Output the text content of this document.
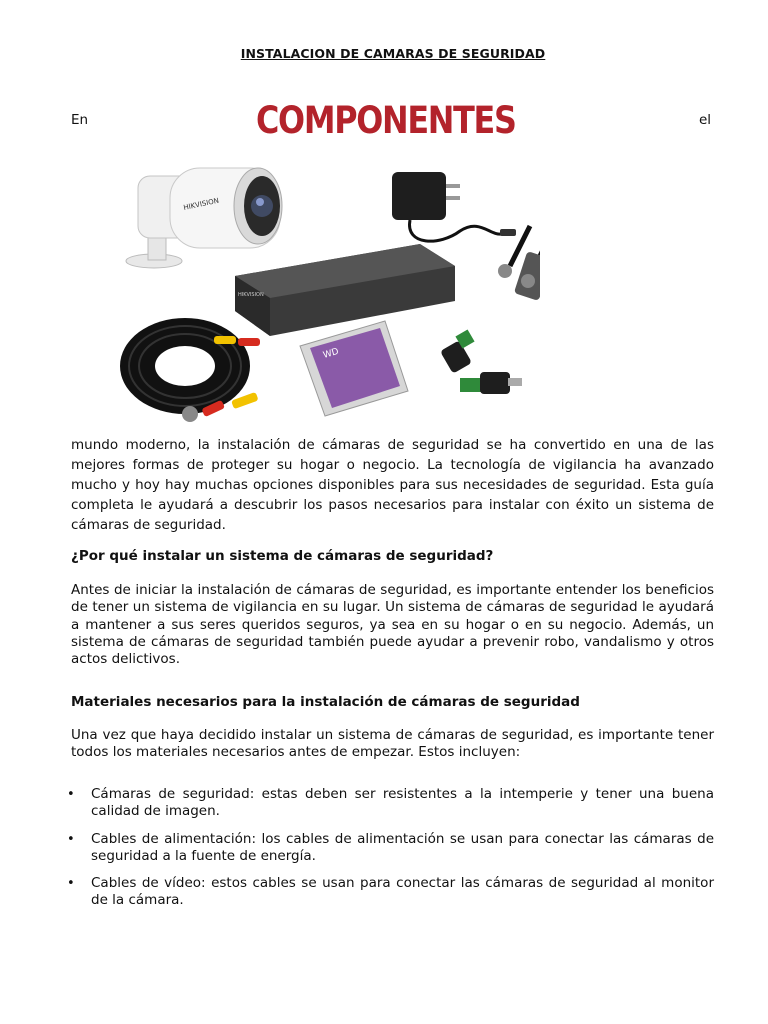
INSTALACION DE CAMARAS DE SEGURIDAD
En	el
HIKVISION
HIKVISION
WD
COMPONENTES
mundo moderno, la instalación de cámaras de seguridad se ha convertido en una de las mejores formas de proteger su hogar o negocio. La tecnología de vigilancia ha avanzado mucho y hoy hay muchas opciones disponibles para sus necesidades de seguridad. Esta guía completa le ayudará a descubrir los pasos necesarios para instalar con éxito un sistema de cámaras de seguridad.
¿Por qué instalar un sistema de cámaras de seguridad?
Antes de iniciar la instalación de cámaras de seguridad, es importante entender los beneficios de tener un sistema de vigilancia en su lugar. Un sistema de cámaras de seguridad le ayudará a mantener a sus seres queridos seguros, ya sea en su hogar o en su negocio. Además, un sistema de cámaras de seguridad también puede ayudar a prevenir robo, vandalismo y otros actos delictivos.
Materiales necesarios para la instalación de cámaras de seguridad
Una vez que haya decidido instalar un sistema de cámaras de seguridad, es importante tener todos los materiales necesarios antes de empezar. Estos incluyen:
• Cámaras de seguridad: estas deben ser resistentes a la intemperie y tener una buena calidad de imagen.
• Cables de alimentación: los cables de alimentación se usan para conectar las cámaras de seguridad a la fuente de energía.
• Cables de vídeo: estos cables se usan para conectar las cámaras de seguridad al monitor de la cámara.
